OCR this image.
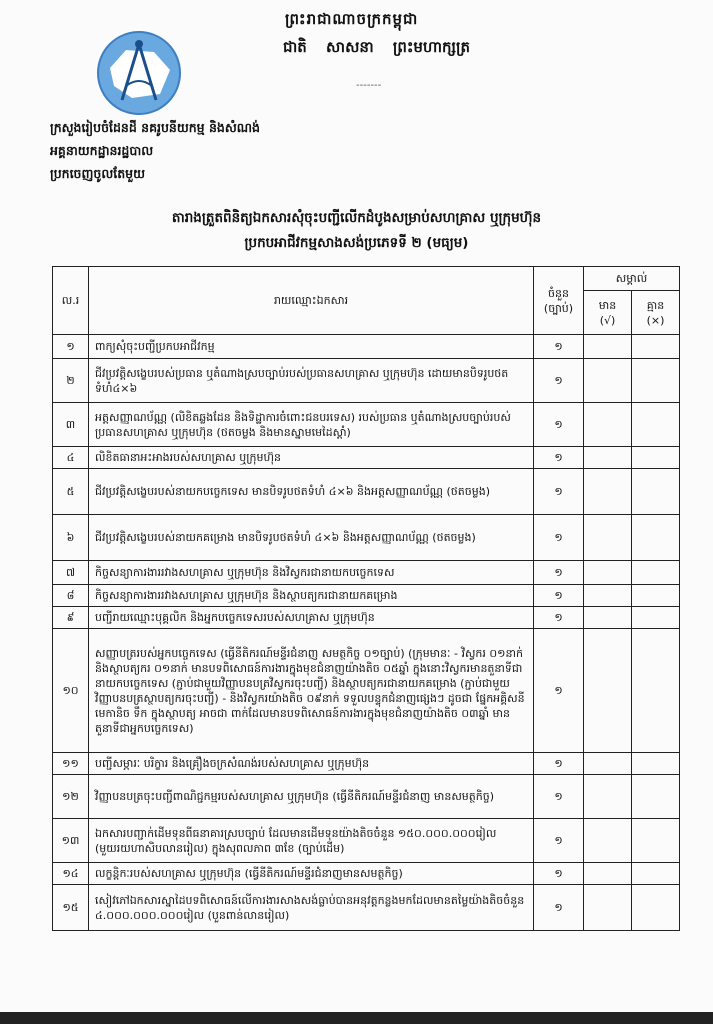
ព្រះរាជាណាចក្រកម្ពុជា
ជាតិ សាសនា ព្រះមហាក្សត្រ
-------
ក្រសួងរៀបចំដែនដី នគរូបនីយកម្ម និងសំណង់
អគ្គនាយកដ្ឋានរដ្ឋបាល
ប្រកចេញចូលតែមួយ
តារាងត្រួតពិនិត្យឯកសារសុំចុះបញ្ជីលើកដំបូងសម្រាប់សហគ្រាស ឬក្រុមហ៊ុន
ប្រកបអាជីវកម្មសាងសង់ប្រភេទទី ២ (មធ្យម)
ល.រ	រាយឈ្មោះឯកសារ	ចំនួន (ច្បាប់)	សម្គាល់	
			មាន (√)	គ្មាន (×)
១	ពាក្យសុំចុះបញ្ជីប្រកបអាជីវកម្ម	១		
២	ជីវប្រវត្តិសង្ខេបរបស់ប្រធាន ឬតំណាងស្របច្បាប់របស់ប្រធានសហគ្រាស ឬក្រុមហ៊ុន ដោយមានបិទរូបថតទំហំ៤×៦	១		
៣	អត្តសញ្ញាណប័ណ្ណ (លិខិតឆ្លងដែន និងទិដ្ឋាការចំពោះជនបរទេស) របស់ប្រធាន ឬតំណាងស្របច្បាប់របស់ប្រធានសហគ្រាស ឬក្រុមហ៊ុន (ថតចម្លង និងមានស្នាមមេដៃស្តាំ)	១		
៤	លិខិតធានាអះអាងរបស់សហគ្រាស ឬក្រុមហ៊ុន	១		
៥	ជីវប្រវត្តិសង្ខេបរបស់នាយកបច្ចេកទេស មានបិទរូបថតទំហំ ៤×៦ និងអត្តសញ្ញាណប័ណ្ណ (ថតចម្លង)	១		
៦	ជីវប្រវត្តិសង្ខេបរបស់នាយកគម្រោង មានបិទរូបថតទំហំ ៤×៦ និងអត្តសញ្ញាណប័ណ្ណ (ថតចម្លង)	១		
៧	កិច្ចសន្យាការងាររវាងសហគ្រាស ឬក្រុមហ៊ុន និងវិស្វករជានាយកបច្ចេកទេស	១		
៨	កិច្ចសន្យាការងាររវាងសហគ្រាស ឬក្រុមហ៊ុន និងស្ថាបត្យករជានាយកគម្រោង	១		
៩	បញ្ជីរាយឈ្មោះបុគ្គលិក និងអ្នកបច្ចេកទេសរបស់សហគ្រាស ឬក្រុមហ៊ុន	១		
១០	សញ្ញាបត្ររបស់អ្នកបច្ចេកទេស (ធ្វើនីតិករណ៍មន្ទីរជំនាញ សមត្ថកិច្ច ០១ច្បាប់) (ក្រុមមានៈ - វិស្វករ ០១នាក់ និងស្ថាបត្យករ ០១នាក់ មានបទពិសោធន៍ការងារក្នុងមុខជំនាញយ៉ាងតិច ០៥ឆ្នាំ ក្នុងនោះវិស្វករមានតួនាទីជានាយកបច្ចេកទេស (ភ្ជាប់ជាមួយវិញ្ញាបនបត្រវិស្វករចុះបញ្ជី) និងស្ថាបត្យករជានាយកគម្រោង (ភ្ជាប់ជាមួយវិញ្ញាបនបត្រស្ថាបត្យករចុះបញ្ជី) - និងវិស្វករយ៉ាងតិច ០៩នាក់ ទទួលបន្ទុកជំនាញផ្សេងៗ ដូចជា ផ្នែកអគ្គិសនី មេកានិច ទឹក ក្នុងស្ថាបត្យ អាចជា ពាក់ដែលមានបទពិសោធន៍ការងារក្នុងមុខជំនាញយ៉ាងតិច ០៣ឆ្នាំ មានតួនាទីជាអ្នកបច្ចេកទេស)	១		
១១	បញ្ជីសម្ភារៈ បរិក្ខារ និងគ្រឿងចក្រសំណង់របស់សហគ្រាស ឬក្រុមហ៊ុន	១		
១២	វិញ្ញាបនបត្រចុះបញ្ជីពាណិជ្ជកម្មរបស់សហគ្រាស ឬក្រុមហ៊ុន (ធ្វើនីតិករណ៍មន្ទីរជំនាញ មានសមត្ថកិច្ច)	១		
១៣	ឯកសារបញ្ជាក់ដើមទុនពីធនាគារស្របច្បាប់ ដែលមានដើមទុនយ៉ាងតិចចំនួន ១៥០.០០០.០០០រៀល (មួយរយហាសិបលានរៀល) ក្នុងសុពលភាព ៣ខែ (ច្បាប់ដើម)	១		
១៤	លក្ខន្តិកៈរបស់សហគ្រាស ឬក្រុមហ៊ុន (ធ្វើនីតិករណ៍មន្ទីរជំនាញមានសមត្ថកិច្ច)	១		
១៥	សៀវភៅឯកសារស្នាដៃបទពិសោធន៍លើការងារសាងសង់ធ្លាប់បានអនុវត្តកន្លងមកដែលមានតម្លៃយ៉ាងតិចចំនួន ៤.០០០.០០០.០០០រៀល (បួនពាន់លានរៀល)	១		
